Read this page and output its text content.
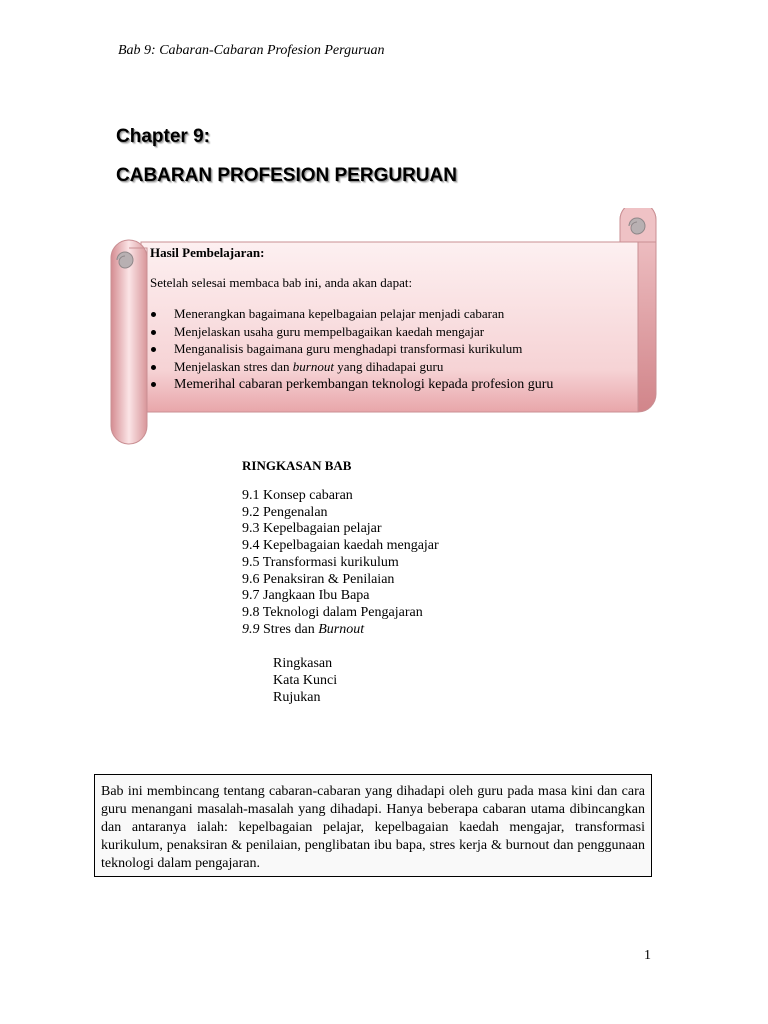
Bab 9: Cabaran-Cabaran Profesion Perguruan
Chapter 9:
CABARAN PROFESION PERGURUAN
Hasil Pembelajaran:
Setelah selesai membaca bab ini, anda akan dapat:
Menerangkan bagaimana kepelbagaian pelajar menjadi cabaran
Menjelaskan usaha guru mempelbagaikan kaedah mengajar
Menganalisis bagaimana guru menghadapi transformasi kurikulum
Menjelaskan stres dan burnout yang dihadapai guru
Memerihal cabaran perkembangan teknologi kepada profesion guru
RINGKASAN BAB
9.1 Konsep cabaran
9.2 Pengenalan
9.3 Kepelbagaian pelajar
9.4 Kepelbagaian kaedah mengajar
9.5 Transformasi kurikulum
9.6 Penaksiran & Penilaian
9.7 Jangkaan Ibu Bapa
9.8 Teknologi dalam Pengajaran
9.9 Stres dan Burnout
Ringkasan
Kata Kunci
Rujukan
Bab ini membincang tentang cabaran-cabaran yang dihadapi oleh guru pada masa kini dan cara guru menangani masalah-masalah yang dihadapi. Hanya beberapa cabaran utama dibincangkan dan antaranya ialah: kepelbagaian pelajar, kepelbagaian kaedah mengajar, transformasi kurikulum, penaksiran & penilaian, penglibatan ibu bapa, stres kerja & burnout dan penggunaan teknologi dalam pengajaran.
1
